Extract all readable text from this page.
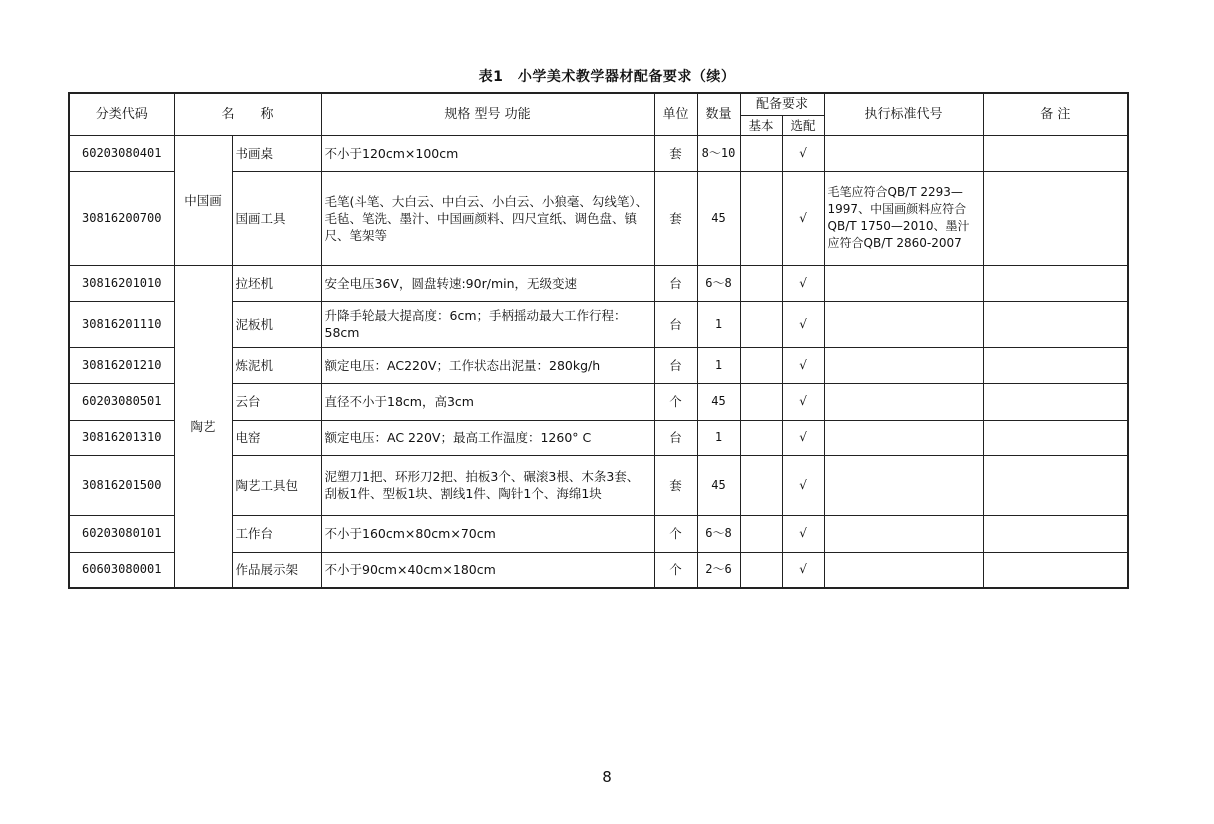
表1　小学美术教学器材配备要求（续）
分类代码	名　　称		规格 型号 功能	单位	数量	配备要求		执行标准代号	备 注
						基本	选配		
60203080401	中国画	书画桌	不小于120cm×100cm	套	8～10		√		
30816200700		国画工具	毛笔(斗笔、大白云、中白云、小白云、小狼毫、勾线笔）、毛毡、笔洗、墨汁、中国画颜料、四尺宣纸、调色盘、镇尺、笔架等	套	45		√	毛笔应符合QB/T 2293—1997、中国画颜料应符合QB/T 1750—2010、墨汁应符合QB/T 2860-2007	
30816201010	陶艺	拉坯机	安全电压36V，圆盘转速:90r/min，无级变速	台	6～8		√		
30816201110		泥板机	升降手轮最大提高度：6cm；手柄摇动最大工作行程：58cm	台	1		√		
30816201210		炼泥机	额定电压：AC220V；工作状态出泥量：280kg/h	台	1		√		
60203080501		云台	直径不小于18cm，高3cm	个	45		√		
30816201310		电窑	额定电压：AC 220V；最高工作温度：1260° C	台	1		√		
30816201500		陶艺工具包	泥塑刀1把、环形刀2把、拍板3个、碾滚3根、木条3套、刮板1件、型板1块、割线1件、陶针1个、海绵1块	套	45		√		
60203080101		工作台	不小于160cm×80cm×70cm	个	6～8		√		
60603080001		作品展示架	不小于90cm×40cm×180cm	个	2～6		√		
8
